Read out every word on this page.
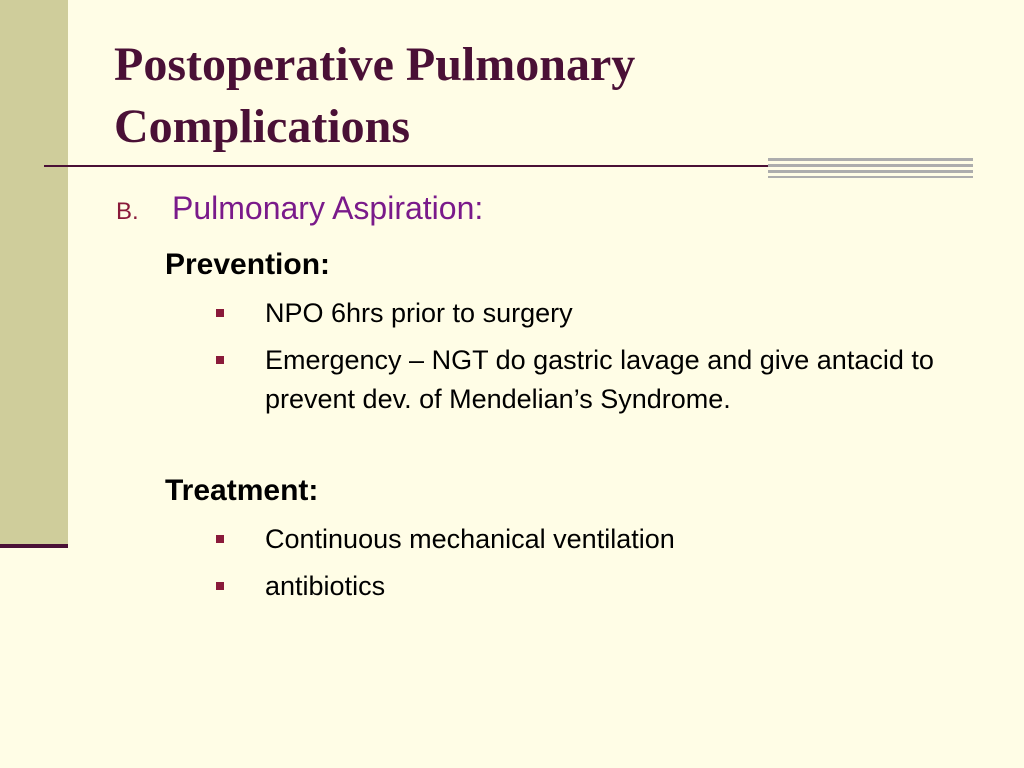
Postoperative Pulmonary Complications
B. Pulmonary Aspiration:
Prevention:
NPO 6hrs prior to surgery
Emergency – NGT do gastric lavage and give antacid to prevent dev. of Mendelian’s Syndrome.
Treatment:
Continuous mechanical ventilation
antibiotics
